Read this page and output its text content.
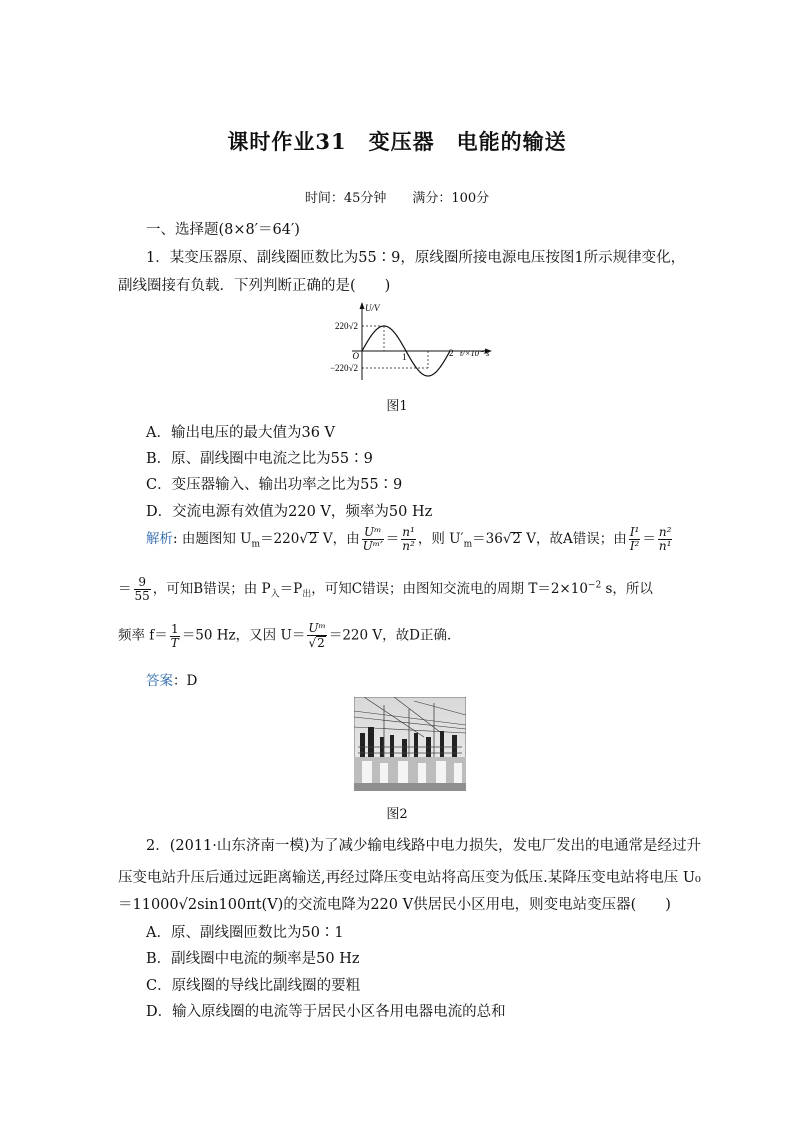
课时作业31　变压器　电能的输送
时间：45分钟　　满分：100分
一、选择题(8×8′＝64′)
1．某变压器原、副线圈匝数比为55∶9，原线圈所接电源电压按图1所示规律变化，
副线圈接有负载．下列判断正确的是(　　)
U/V
220√2
−220√2
O	1	2 t/×10⁻²s
图1
A．输出电压的最大值为36 V
B．原、副线圈中电流之比为55∶9
C．变压器输入、输出功率之比为55∶9
D．交流电源有效值为220 V，频率为50 Hz
解析: 由题图知 $U_m=220√2$ V，由 $\frac{\text{Uᵐ}}{\text{Uᵐ′}} = \frac{\text{n¹}}{\text{n²}}$ ，则 $U'_m=36√2$ V，故A错误；由 $\frac{\text{I¹}}{\text{I²}} = \frac{\text{n²}}{\text{n¹}}$
＝ $\frac{9}{55}$ ，可知B错误；由 $P_入=P_出$，可知C错误；由图知交流电的周期 $T=2\times 10^{-2}$ s，所以
频率 $f= \frac{1}{T} =50$ Hz，又因 $U= \frac{\text{Uᵐ}}{√2} =220$ V，故D正确．
答案：D
图2
2．(2011·山东济南一模)为了减少输电线路中电力损失，发电厂发出的电通常是经过升
压变电站升压后通过远距离输送,再经过降压变电站将高压变为低压.某降压变电站将电压 U₀
＝11000√2sin100πt(V)的交流电降为220 V供居民小区用电，则变电站变压器(　　)
A．原、副线圈匝数比为50∶1
B．副线圈中电流的频率是50 Hz
C．原线圈的导线比副线圈的要粗
D．输入原线圈的电流等于居民小区各用电器电流的总和
